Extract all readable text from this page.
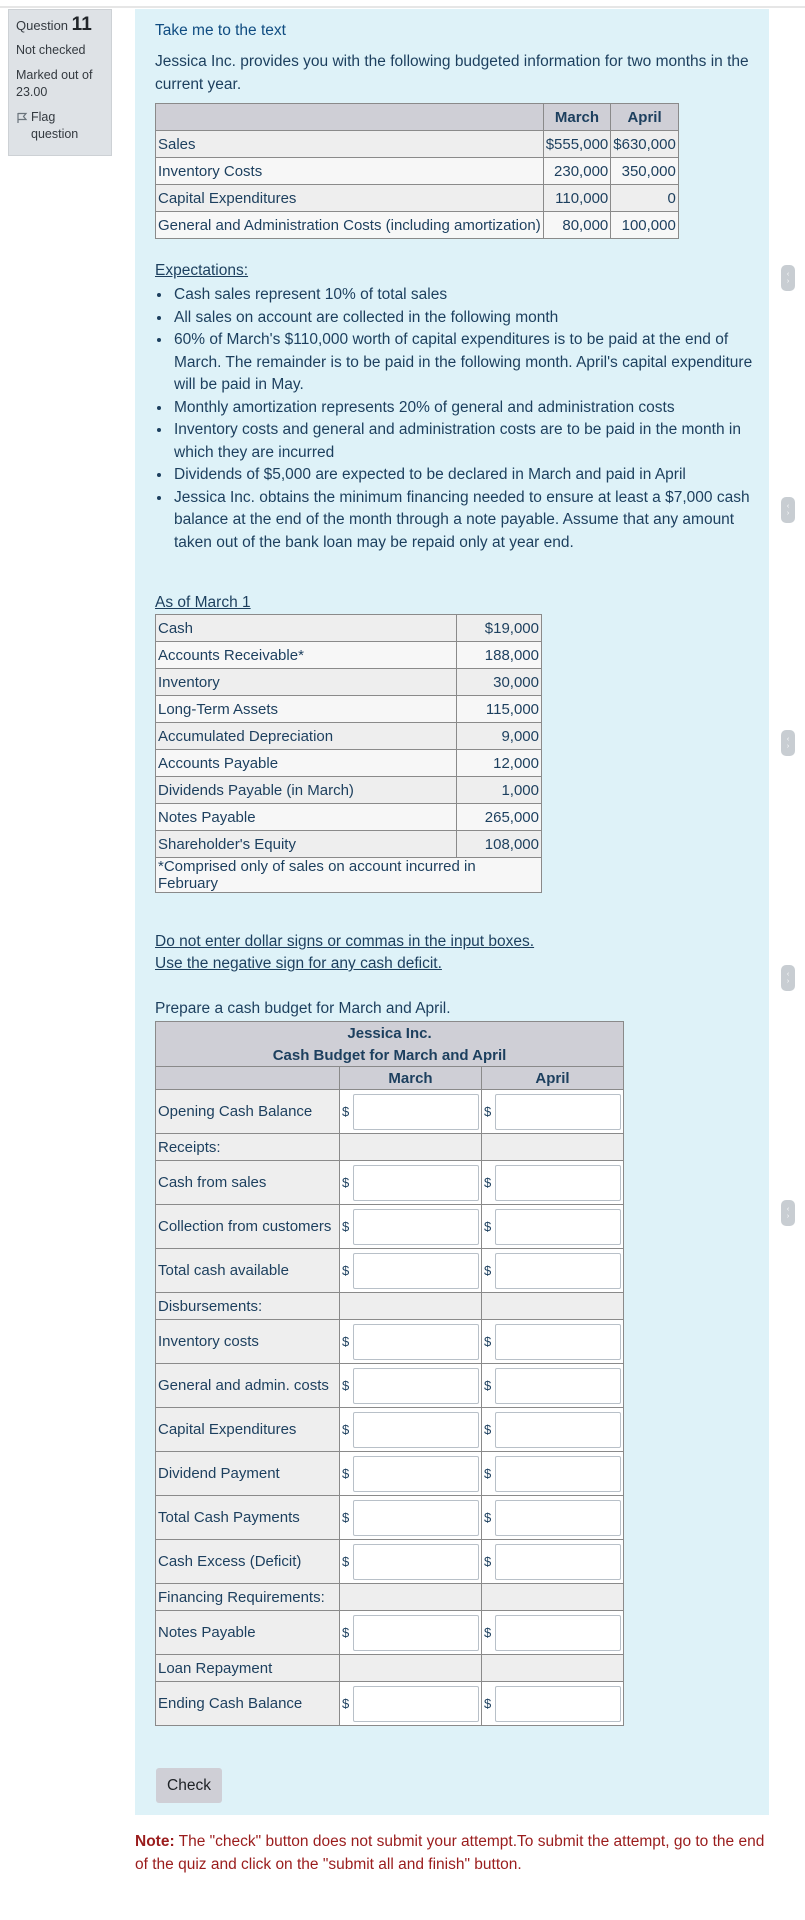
Question 11
Not checked
Marked out of 23.00
Flag question
Take me to the text
Jessica Inc. provides you with the following budgeted information for two months in the current year.
	March	April
Sales	$555,000	$630,000
Inventory Costs	230,000	350,000
Capital Expenditures	110,000	0
General and Administration Costs (including amortization)	80,000	100,000
Expectations:
• Cash sales represent 10% of total sales
• All sales on account are collected in the following month
• 60% of March's $110,000 worth of capital expenditures is to be paid at the end of March. The remainder is to be paid in the following month. April's capital expenditure will be paid in May.
• Monthly amortization represents 20% of general and administration costs
• Inventory costs and general and administration costs are to be paid in the month in which they are incurred
• Dividends of $5,000 are expected to be declared in March and paid in April
• Jessica Inc. obtains the minimum financing needed to ensure at least a $7,000 cash balance at the end of the month through a note payable. Assume that any amount taken out of the bank loan may be repaid only at year end.
As of March 1
Cash	$19,000
Accounts Receivable*	188,000
Inventory	30,000
Long-Term Assets	115,000
Accumulated Depreciation	9,000
Accounts Payable	12,000
Dividends Payable (in March)	1,000
Notes Payable	265,000
Shareholder's Equity	108,000
*Comprised only of sales on account incurred in February	
Do not enter dollar signs or commas in the input boxes.
Use the negative sign for any cash deficit.
Prepare a cash budget for March and April.
Jessica Inc.		
Cash Budget for March and April		
	March	April
Opening Cash Balance	$	$

Receipts:		
Cash from sales	$	$

Collection from customers	$	$

Total cash available	$	$

Disbursements:		
Inventory costs	$	$

General and admin. costs	$	$

Capital Expenditures	$	$

Dividend Payment	$	$

Total Cash Payments	$	$

Cash Excess (Deficit)	$	$

Financing Requirements:		
Notes Payable	$	$

Loan Repayment		
Ending Cash Balance	$	$
Check
Note: The "check" button does not submit your attempt.To submit the attempt, go to the end of the quiz and click on the "submit all and finish" button.
‹
›
‹
›
‹
›
‹
›
‹
›
